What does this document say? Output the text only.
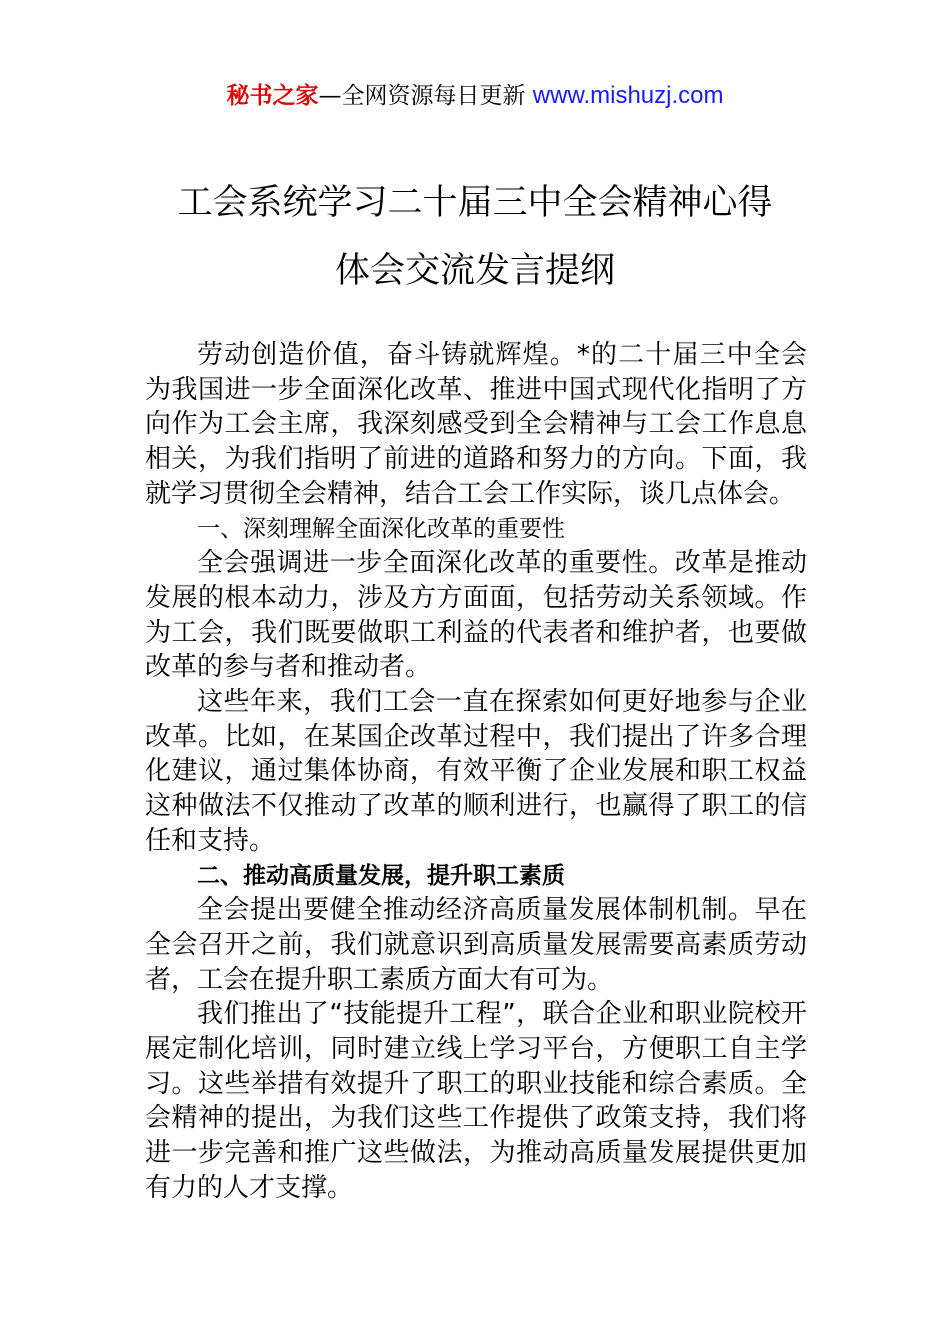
秘书之家—全网资源每日更新 www.mishuzj.com
工会系统学习二十届三中全会精神心得
体会交流发言提纲

劳动创造价值，奋斗铸就辉煌。*的二十届三中全会为我国进一步全面深化改革、推进中国式现代化指明了方向作为工会主席，我深刻感受到全会精神与工会工作息息相关，为我们指明了前进的道路和努力的方向。下面，我就学习贯彻全会精神，结合工会工作实际，谈几点体会。

一、深刻理解全面深化改革的重要性

全会强调进一步全面深化改革的重要性。改革是推动发展的根本动力，涉及方方面面，包括劳动关系领域。作为工会，我们既要做职工利益的代表者和维护者，也要做改革的参与者和推动者。

这些年来，我们工会一直在探索如何更好地参与企业改革。比如，在某国企改革过程中，我们提出了许多合理化建议，通过集体协商，有效平衡了企业发展和职工权益这种做法不仅推动了改革的顺利进行，也赢得了职工的信任和支持。

二、推动高质量发展，提升职工素质

全会提出要健全推动经济高质量发展体制机制。早在全会召开之前，我们就意识到高质量发展需要高素质劳动者，工会在提升职工素质方面大有可为。

我们推出了“技能提升工程”，联合企业和职业院校开展定制化培训，同时建立线上学习平台，方便职工自主学习。这些举措有效提升了职工的职业技能和综合素质。全会精神的提出，为我们这些工作提供了政策支持，我们将进一步完善和推广这些做法，为推动高质量发展提供更加有力的人才支撑。
